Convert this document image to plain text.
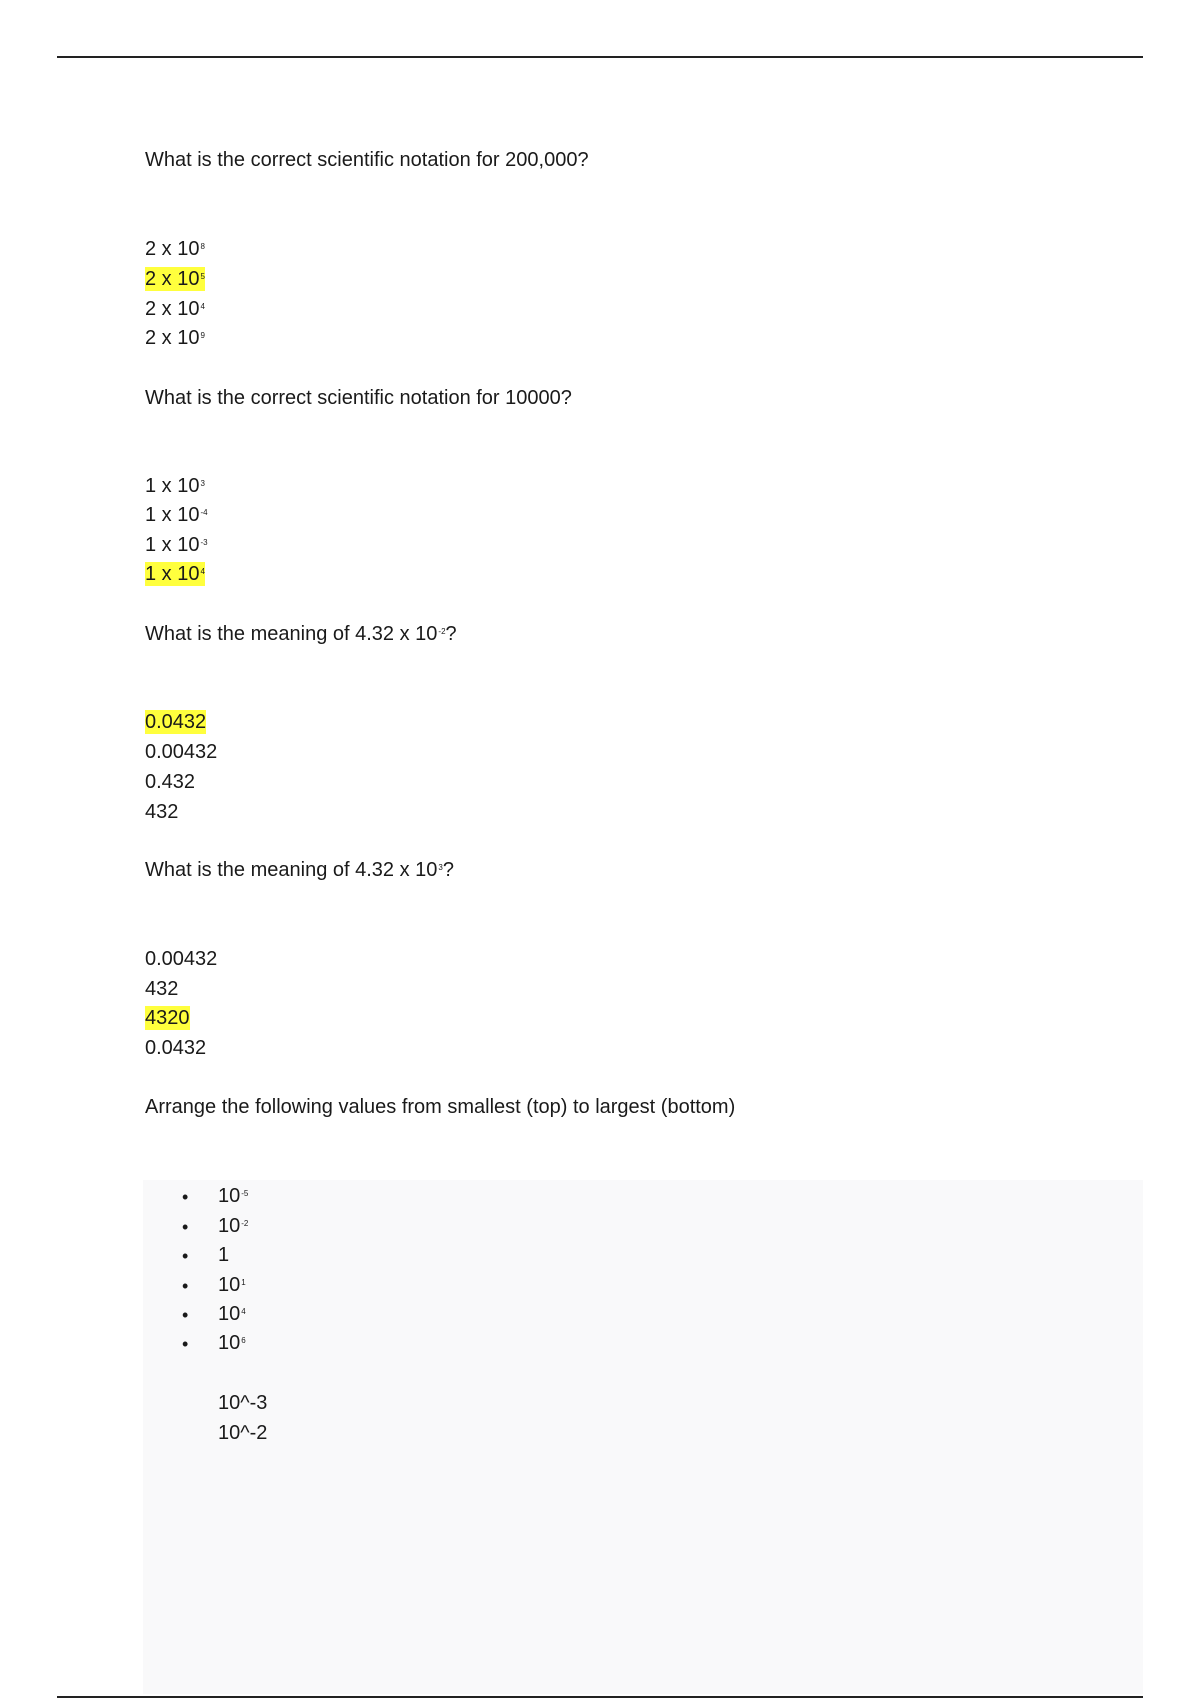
What is the correct scientific notation for 200,000?
2 x $10^8$
2 x $10^5$
2 x $10^4$
2 x $10^9$
What is the correct scientific notation for 10000?
1 x $10^3$
1 x $10^{-4}$
1 x $10^{-3}$
1 x $10^4$
What is the meaning of 4.32 x $10^{-2}$?
0.0432
0.00432
0.432
432
What is the meaning of 4.32 x $10^3$?
0.00432
432
4320
0.0432
Arrange the following values from smallest (top) to largest (bottom)
• $10^{-5}$
• $10^{-2}$
• 1
• $10^1$
• $10^4$
• $10^6$
10^-3
10^-2
